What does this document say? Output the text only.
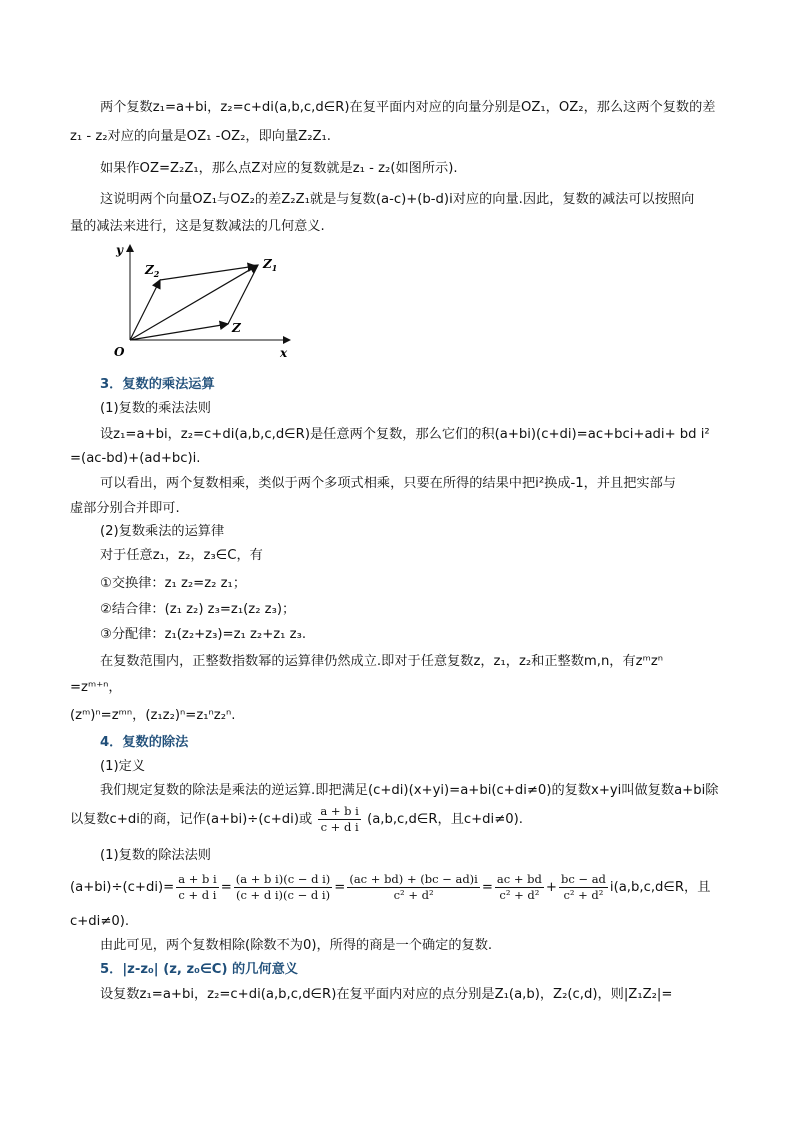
两个复数z₁=a+bi，z₂=c+di(a,b,c,d∈R)在复平面内对应的向量分别是OZ₁，OZ₂，那么这两个复数的差
z₁ - z₂对应的向量是OZ₁ -OZ₂，即向量Z₂Z₁.
如果作OZ=Z₂Z₁，那么点Z对应的复数就是z₁ - z₂(如图所示).
这说明两个向量OZ₁与OZ₂的差Z₂Z₁就是与复数(a-c)+(b-d)i对应的向量.因此，复数的减法可以按照向
量的减法来进行，这是复数减法的几何意义.
y
x
O
$Z_1$
$Z_2$
Z
3．复数的乘法运算
(1)复数的乘法法则
设z₁=a+bi，z₂=c+di(a,b,c,d∈R)是任意两个复数，那么它们的积(a+bi)(c+di)=ac+bci+adi+ bd i²
=(ac-bd)+(ad+bc)i.
可以看出，两个复数相乘，类似于两个多项式相乘，只要在所得的结果中把i²换成-1，并且把实部与
虚部分别合并即可.
(2)复数乘法的运算律
对于任意z₁，z₂，z₃∈C，有
①交换律：z₁ z₂=z₂ z₁；
②结合律：(z₁ z₂) z₃=z₁(z₂ z₃)；
③分配律：z₁(z₂+z₃)=z₁ z₂+z₁ z₃.
在复数范围内，正整数指数幂的运算律仍然成立.即对于任意复数z，z₁，z₂和正整数m,n，有zᵐzⁿ
=zᵐ⁺ⁿ，
(zᵐ)ⁿ=zᵐⁿ，(z₁z₂)ⁿ=z₁ⁿz₂ⁿ.
4．复数的除法
(1)定义
我们规定复数的除法是乘法的逆运算.即把满足(c+di)(x+yi)=a+bi(c+di≠0)的复数x+yi叫做复数a+bi除
以复数c+di的商，记作(a+bi)÷(c+di)或 $\frac{\text{a + b i}}{\text{c + d i}}$ (a,b,c,d∈R，且c+di≠0).
(1)复数的除法法则
$(a+bi)\div(c+di)= \frac{\text{a + b i}}{\text{c + d i}} = \frac{\text{(a + b i)(c − d i)}}{\text{(c + d i)(c − d i)}} = \frac{(ac + bd) + (bc - ad)i}{\text{c² + d²}} = \frac{ac + bd}{\text{c² + d²}} + \frac{bc - ad}{\text{c² + d²}}$ i(a,b,c,d∈R，且
c+di≠0).
由此可见，两个复数相除(除数不为0)，所得的商是一个确定的复数.
5．|z-z₀| (z, z₀∈C) 的几何意义
设复数z₁=a+bi，z₂=c+di(a,b,c,d∈R)在复平面内对应的点分别是Z₁(a,b)，Z₂(c,d)，则|Z₁Z₂|=
